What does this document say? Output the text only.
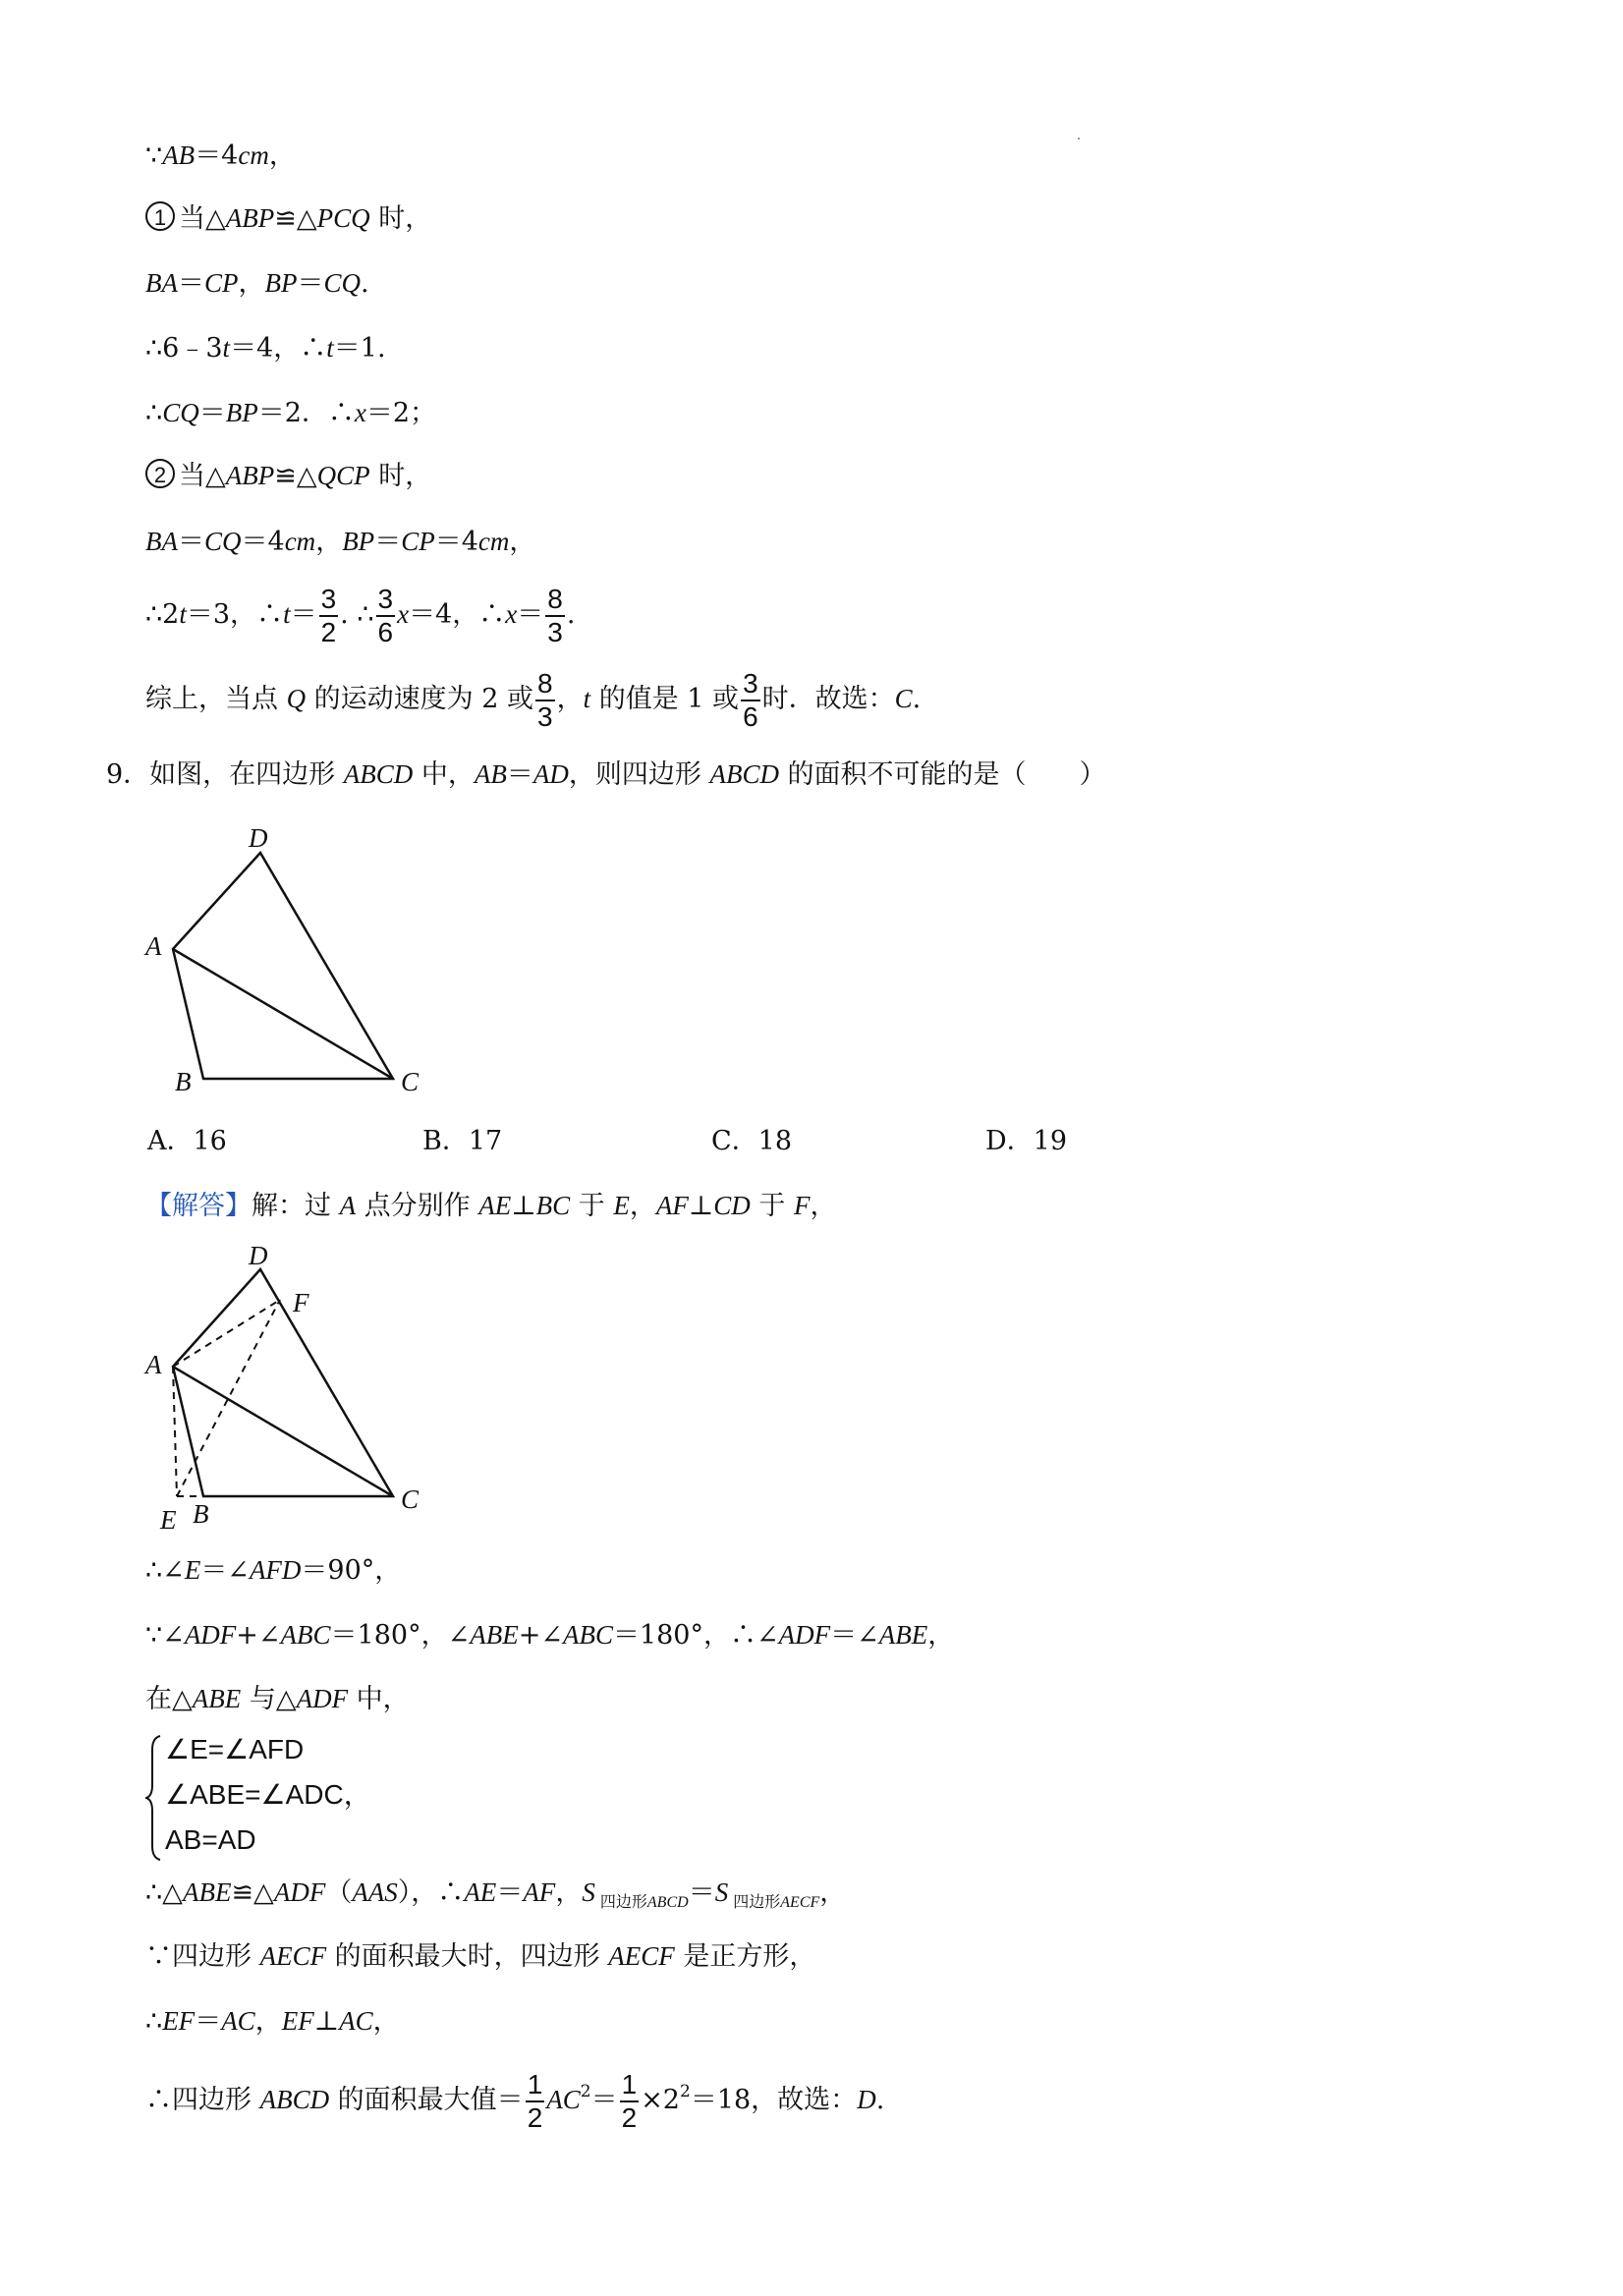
∵AB＝4cm，
1 当△ABP≌△PCQ 时，
BA＝CP，BP＝CQ.
∴6﹣3t＝4，∴t＝1.
∴CQ＝BP＝2．∴x＝2；
2 当△ABP≌△QCP 时，
BA＝CQ＝4cm，BP＝CP＝4cm，
∴2t＝3，∴t＝ $\frac{3}{2}$ . ∴ $\frac{3}{6} x=4$，∴x＝ $\frac{8}{3}$ .
综上，当点 Q 的运动速度为 2 或 $\frac{8}{3}$ ，t 的值是 1 或 $\frac{3}{6}$ 时．故选：C.
9．如图，在四边形 ABCD 中，AB＝AD，则四边形 ABCD 的面积不可能的是（　　）
D
A
B	C
A．16	B．17	C．18	D．19
【解答】解：过 A 点分别作 AE⊥BC 于 E，AF⊥CD 于 F，
D
F
A
E B	C
∴∠E＝∠AFD＝90°，
∵∠ADF+∠ABC＝180°，∠ABE+∠ABC＝180°，∴∠ADF＝∠ABE，
在△ABE 与△ADF 中，
∠E=∠AFD
∠ABE=∠ADC，
AB=AD
∴△ABE≌△ADF（AAS），∴AE＝AF，S $_{四边形ABCD}$＝S $_{四边形AECF}$，
∵四边形 AECF 的面积最大时，四边形 AECF 是正方形，
∴EF＝AC，EF⊥AC，
∴四边形 ABCD 的面积最大值＝ $\frac{1}{2} AC^2= \frac{1}{2} \times 2^2=18$，故选：D.
